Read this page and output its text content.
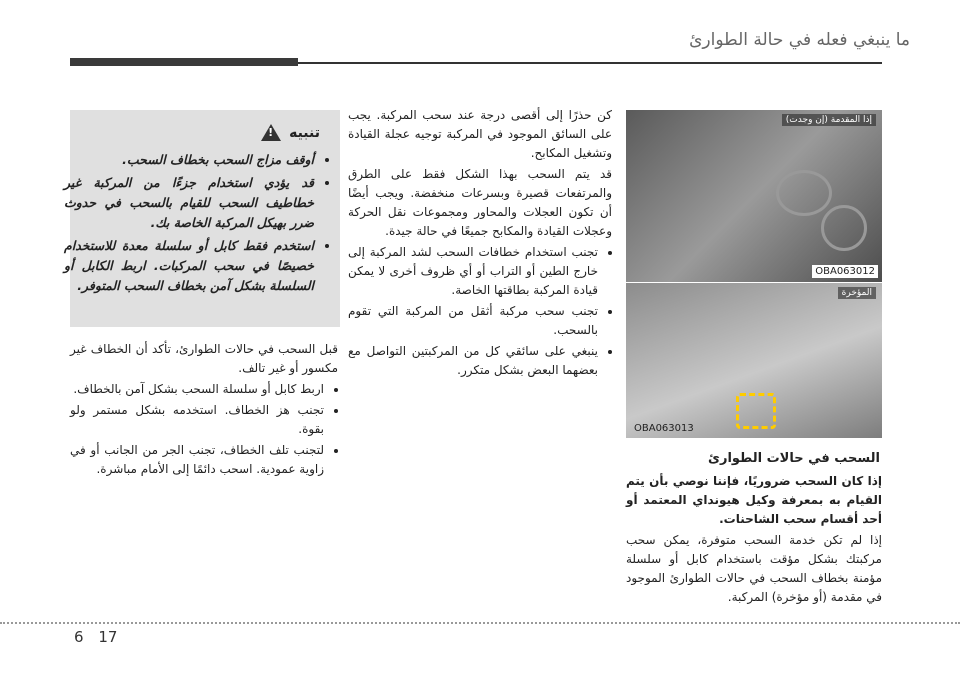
ما ينبغي فعله في حالة الطوارئ
تنبيه
!
• أوقف مزاج السحب بخطاف السحب.
• قد يؤدي استخدام جزءًا من المركبة غير خطاطيف السحب للقيام بالسحب في حدوث ضرر بهيكل المركبة الخاصة بك.
• استخدم فقط كابل أو سلسلة معدة للاستخدام خصيصًا في سحب المركبات. اربط الكابل أو السلسلة بشكل آمن بخطاف السحب المتوفر.

قبل السحب في حالات الطوارئ، تأكد أن الخطاف غير مكسور أو غير تالف.

• اربط كابل أو سلسلة السحب بشكل آمن بالخطاف.
• تجنب هز الخطاف. استخدمه بشكل مستمر ولو بقوة.
• لتجنب تلف الخطاف، تجنب الجر من الجانب أو في زاوية عمودية. اسحب دائمًا إلى الأمام مباشرة.

كن حذرًا إلى أقصى درجة عند سحب المركبة. يجب على السائق الموجود في المركبة توجيه عجلة القيادة وتشغيل المكابح.

قد يتم السحب بهذا الشكل فقط على الطرق والمرتفعات قصيرة وبسرعات منخفضة. ويجب أيضًا أن تكون العجلات والمحاور ومجموعات نقل الحركة وعجلات القيادة والمكابح جميعًا في حالة جيدة.

• تجنب استخدام خطافات السحب لشد المركبة إلى خارج الطين أو التراب أو أي ظروف أخرى لا يمكن قيادة المركبة بطاقتها الخاصة.
• تجنب سحب مركبة أثقل من المركبة التي تقوم بالسحب.
• ينبغي على سائقي كل من المركبتين التواصل مع بعضهما البعض بشكل متكرر.
إذا المقدمة (إن وجدت)
OBA063012
المؤخرة
OBA063013
السحب في حالات الطوارئ

إذا كان السحب ضروريًا، فإننا نوصي بأن يتم القيام به بمعرفة وكيل هيونداي المعتمد أو أحد أقسام سحب الشاحنات.

إذا لم تكن خدمة السحب متوفرة، يمكن سحب مركبتك بشكل مؤقت باستخدام كابل أو سلسلة مؤمنة بخطاف السحب في حالات الطوارئ الموجود في مقدمة (أو مؤخرة) المركبة.

6 17
